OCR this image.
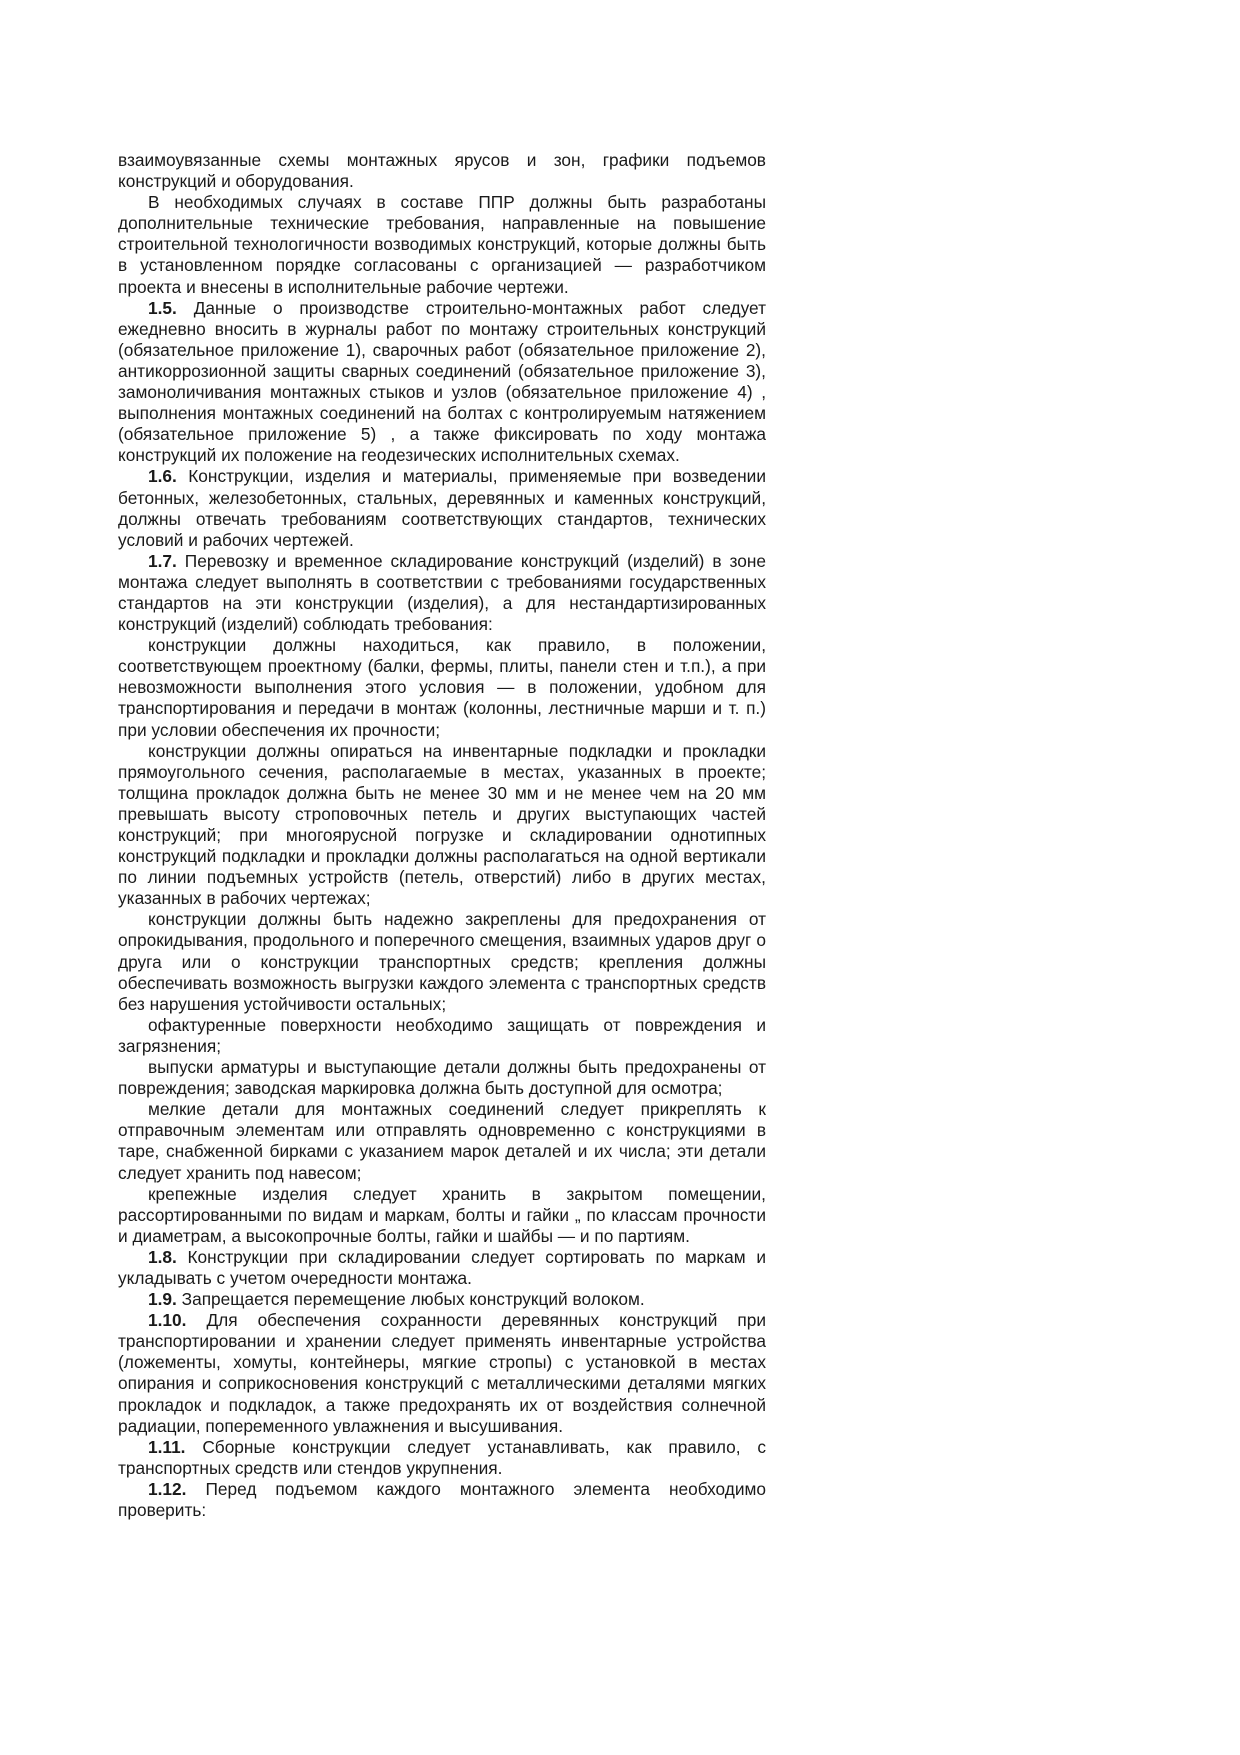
взаимоувязанные схемы монтажных ярусов и зон, графики подъемов конструкций и оборудования.

В необходимых случаях в составе ППР должны быть разработаны дополнительные технические требования, направленные на повышение строительной технологичности возводимых конструкций, которые должны быть в установленном порядке согласованы с организацией — разработчиком проекта и внесены в исполнительные рабочие чертежи.

1.5. Данные о производстве строительно-монтажных работ следует ежедневно вносить в журналы работ по монтажу строительных конструкций (обязательное приложение 1), сварочных работ (обязательное приложение 2), антикоррозионной защиты сварных соединений (обязательное приложение 3), замоноличивания монтажных стыков и узлов (обязательное приложение 4) , выполнения монтажных соединений на болтах с контролируемым натяжением (обязательное приложение 5) , а также фиксировать по ходу монтажа конструкций их положение на геодезических исполнительных схемах.

1.6. Конструкции, изделия и материалы, применяемые при возведении бетонных, железобетонных, стальных, деревянных и каменных конструкций, должны отвечать требованиям соответствующих стандартов, технических условий и рабочих чертежей.

1.7. Перевозку и временное складирование конструкций (изделий) в зоне монтажа следует выполнять в соответствии с требованиями государственных стандартов на эти конструкции (изделия), а для нестандартизированных конструкций (изделий) соблюдать требования:

конструкции должны находиться, как правило, в положении, соответствующем проектному (балки, фермы, плиты, панели стен и т.п.), а при невозможности выполнения этого условия — в положении, удобном для транспортирования и передачи в монтаж (колонны, лестничные марши и т. п.) при условии обеспечения их прочности;

конструкции должны опираться на инвентарные подкладки и прокладки прямоугольного сечения, располагаемые в местах, указанных в проекте; толщина прокладок должна быть не менее 30 мм и не менее чем на 20 мм превышать высоту строповочных петель и других выступающих частей конструкций; при многоярусной погрузке и складировании однотипных конструкций подкладки и прокладки должны располагаться на одной вертикали по линии подъемных устройств (петель, отверстий) либо в других местах, указанных в рабочих чертежах;

конструкции должны быть надежно закреплены для предохранения от опрокидывания, продольного и поперечного смещения, взаимных ударов друг о друга или о конструкции транспортных средств; крепления должны обеспечивать возможность выгрузки каждого элемента с транспортных средств без нарушения устойчивости остальных;

офактуренные поверхности необходимо защищать от повреждения и загрязнения;

выпуски арматуры и выступающие детали должны быть предохранены от повреждения; заводская маркировка должна быть доступной для осмотра;

мелкие детали для монтажных соединений следует прикреплять к отправочным элементам или отправлять одновременно с конструкциями в таре, снабженной бирками с указанием марок деталей и их числа; эти детали следует хранить под навесом;

крепежные изделия следует хранить в закрытом помещении, рассортированными по видам и маркам, болты и гайки „ по классам прочности и диаметрам, а высокопрочные болты, гайки и шайбы — и по партиям.

1.8. Конструкции при складировании следует сортировать по маркам и укладывать с учетом очередности монтажа.

1.9. Запрещается перемещение любых конструкций волоком.

1.10. Для обеспечения сохранности деревянных конструкций при транспортировании и хранении следует применять инвентарные устройства (ложементы, хомуты, контейнеры, мягкие стропы) с установкой в местах опирания и соприкосновения конструкций с металлическими деталями мягких прокладок и подкладок, а также предохранять их от воздействия солнечной радиации, попеременного увлажнения и высушивания.

1.11. Сборные конструкции следует устанавливать, как правило, с транспортных средств или стендов укрупнения.

1.12. Перед подъемом каждого монтажного элемента необходимо проверить:
